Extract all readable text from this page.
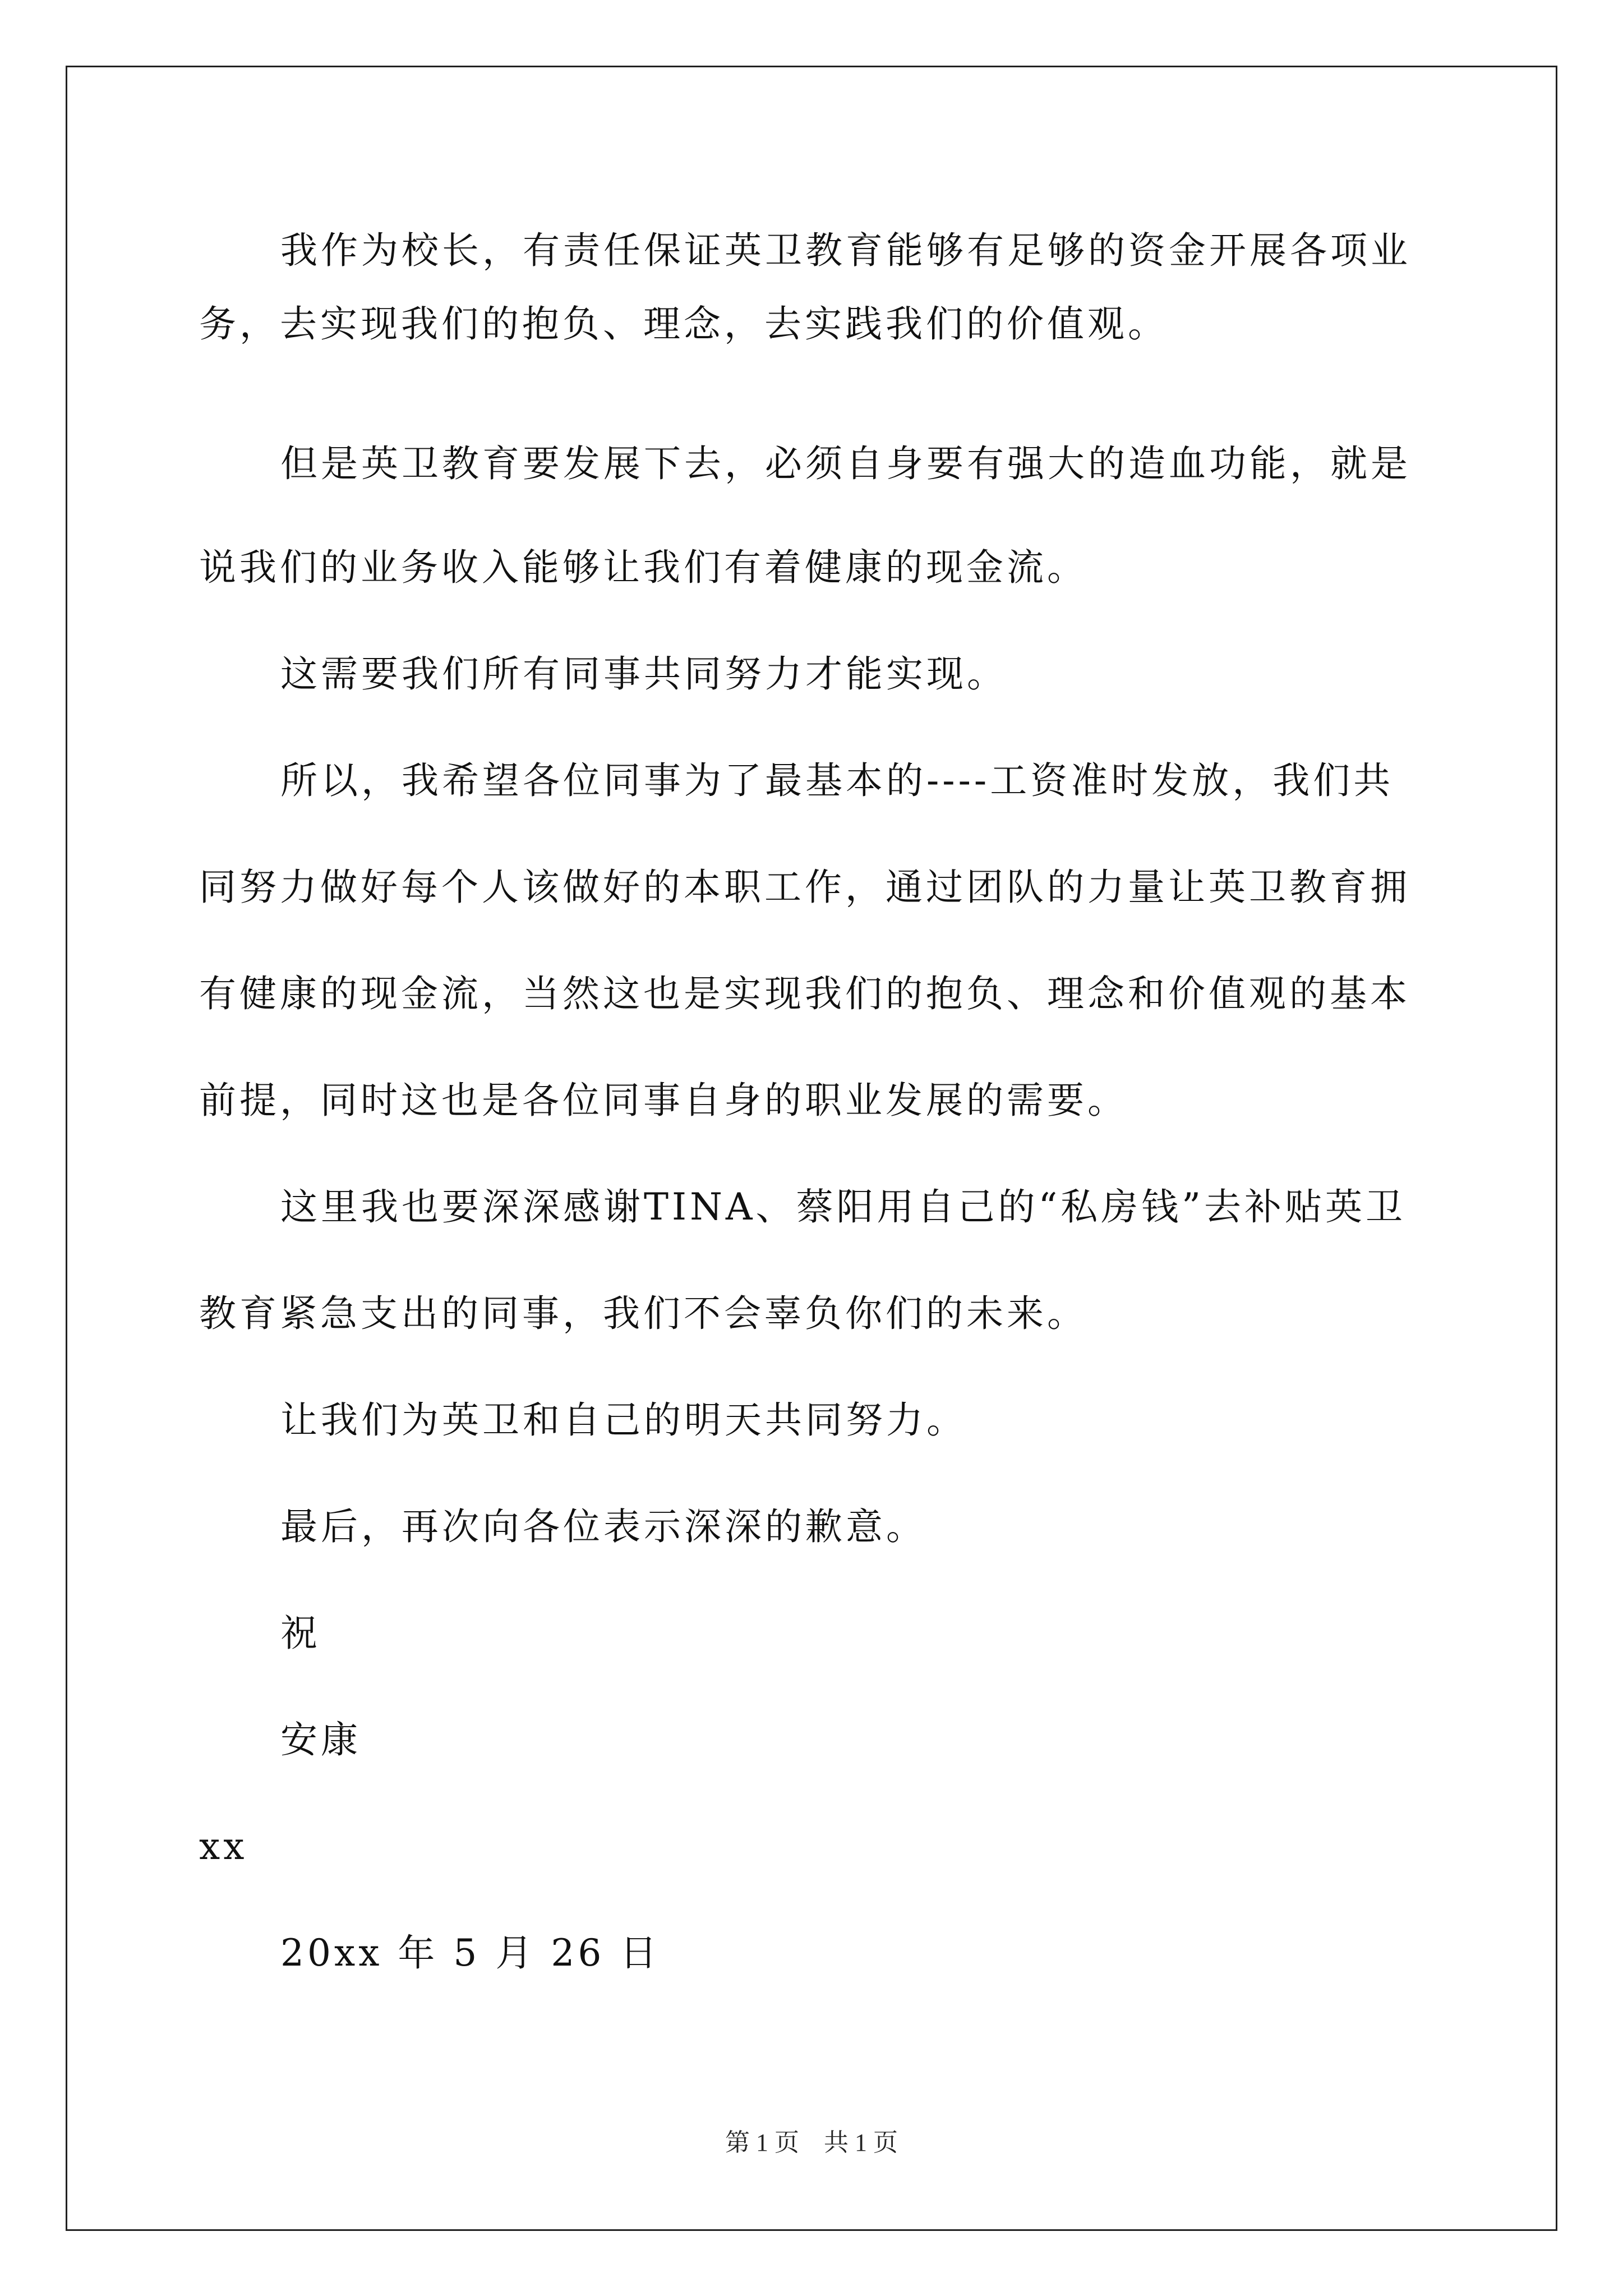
我作为校长，有责任保证英卫教育能够有足够的资金开展各项业
务，去实现我们的抱负、理念，去实践我们的价值观。
但是英卫教育要发展下去，必须自身要有强大的造血功能，就是
说我们的业务收入能够让我们有着健康的现金流。
这需要我们所有同事共同努力才能实现。
所以，我希望各位同事为了最基本的----工资准时发放，我们共
同努力做好每个人该做好的本职工作，通过团队的力量让英卫教育拥
有健康的现金流，当然这也是实现我们的抱负、理念和价值观的基本
前提，同时这也是各位同事自身的职业发展的需要。
这里我也要深深感谢TINA、蔡阳用自己的“私房钱”去补贴英卫
教育紧急支出的同事，我们不会辜负你们的未来。
让我们为英卫和自己的明天共同努力。
最后，再次向各位表示深深的歉意。
祝
安康
xx
20xx 年 5 月 26 日
第 1 页　共 1 页
